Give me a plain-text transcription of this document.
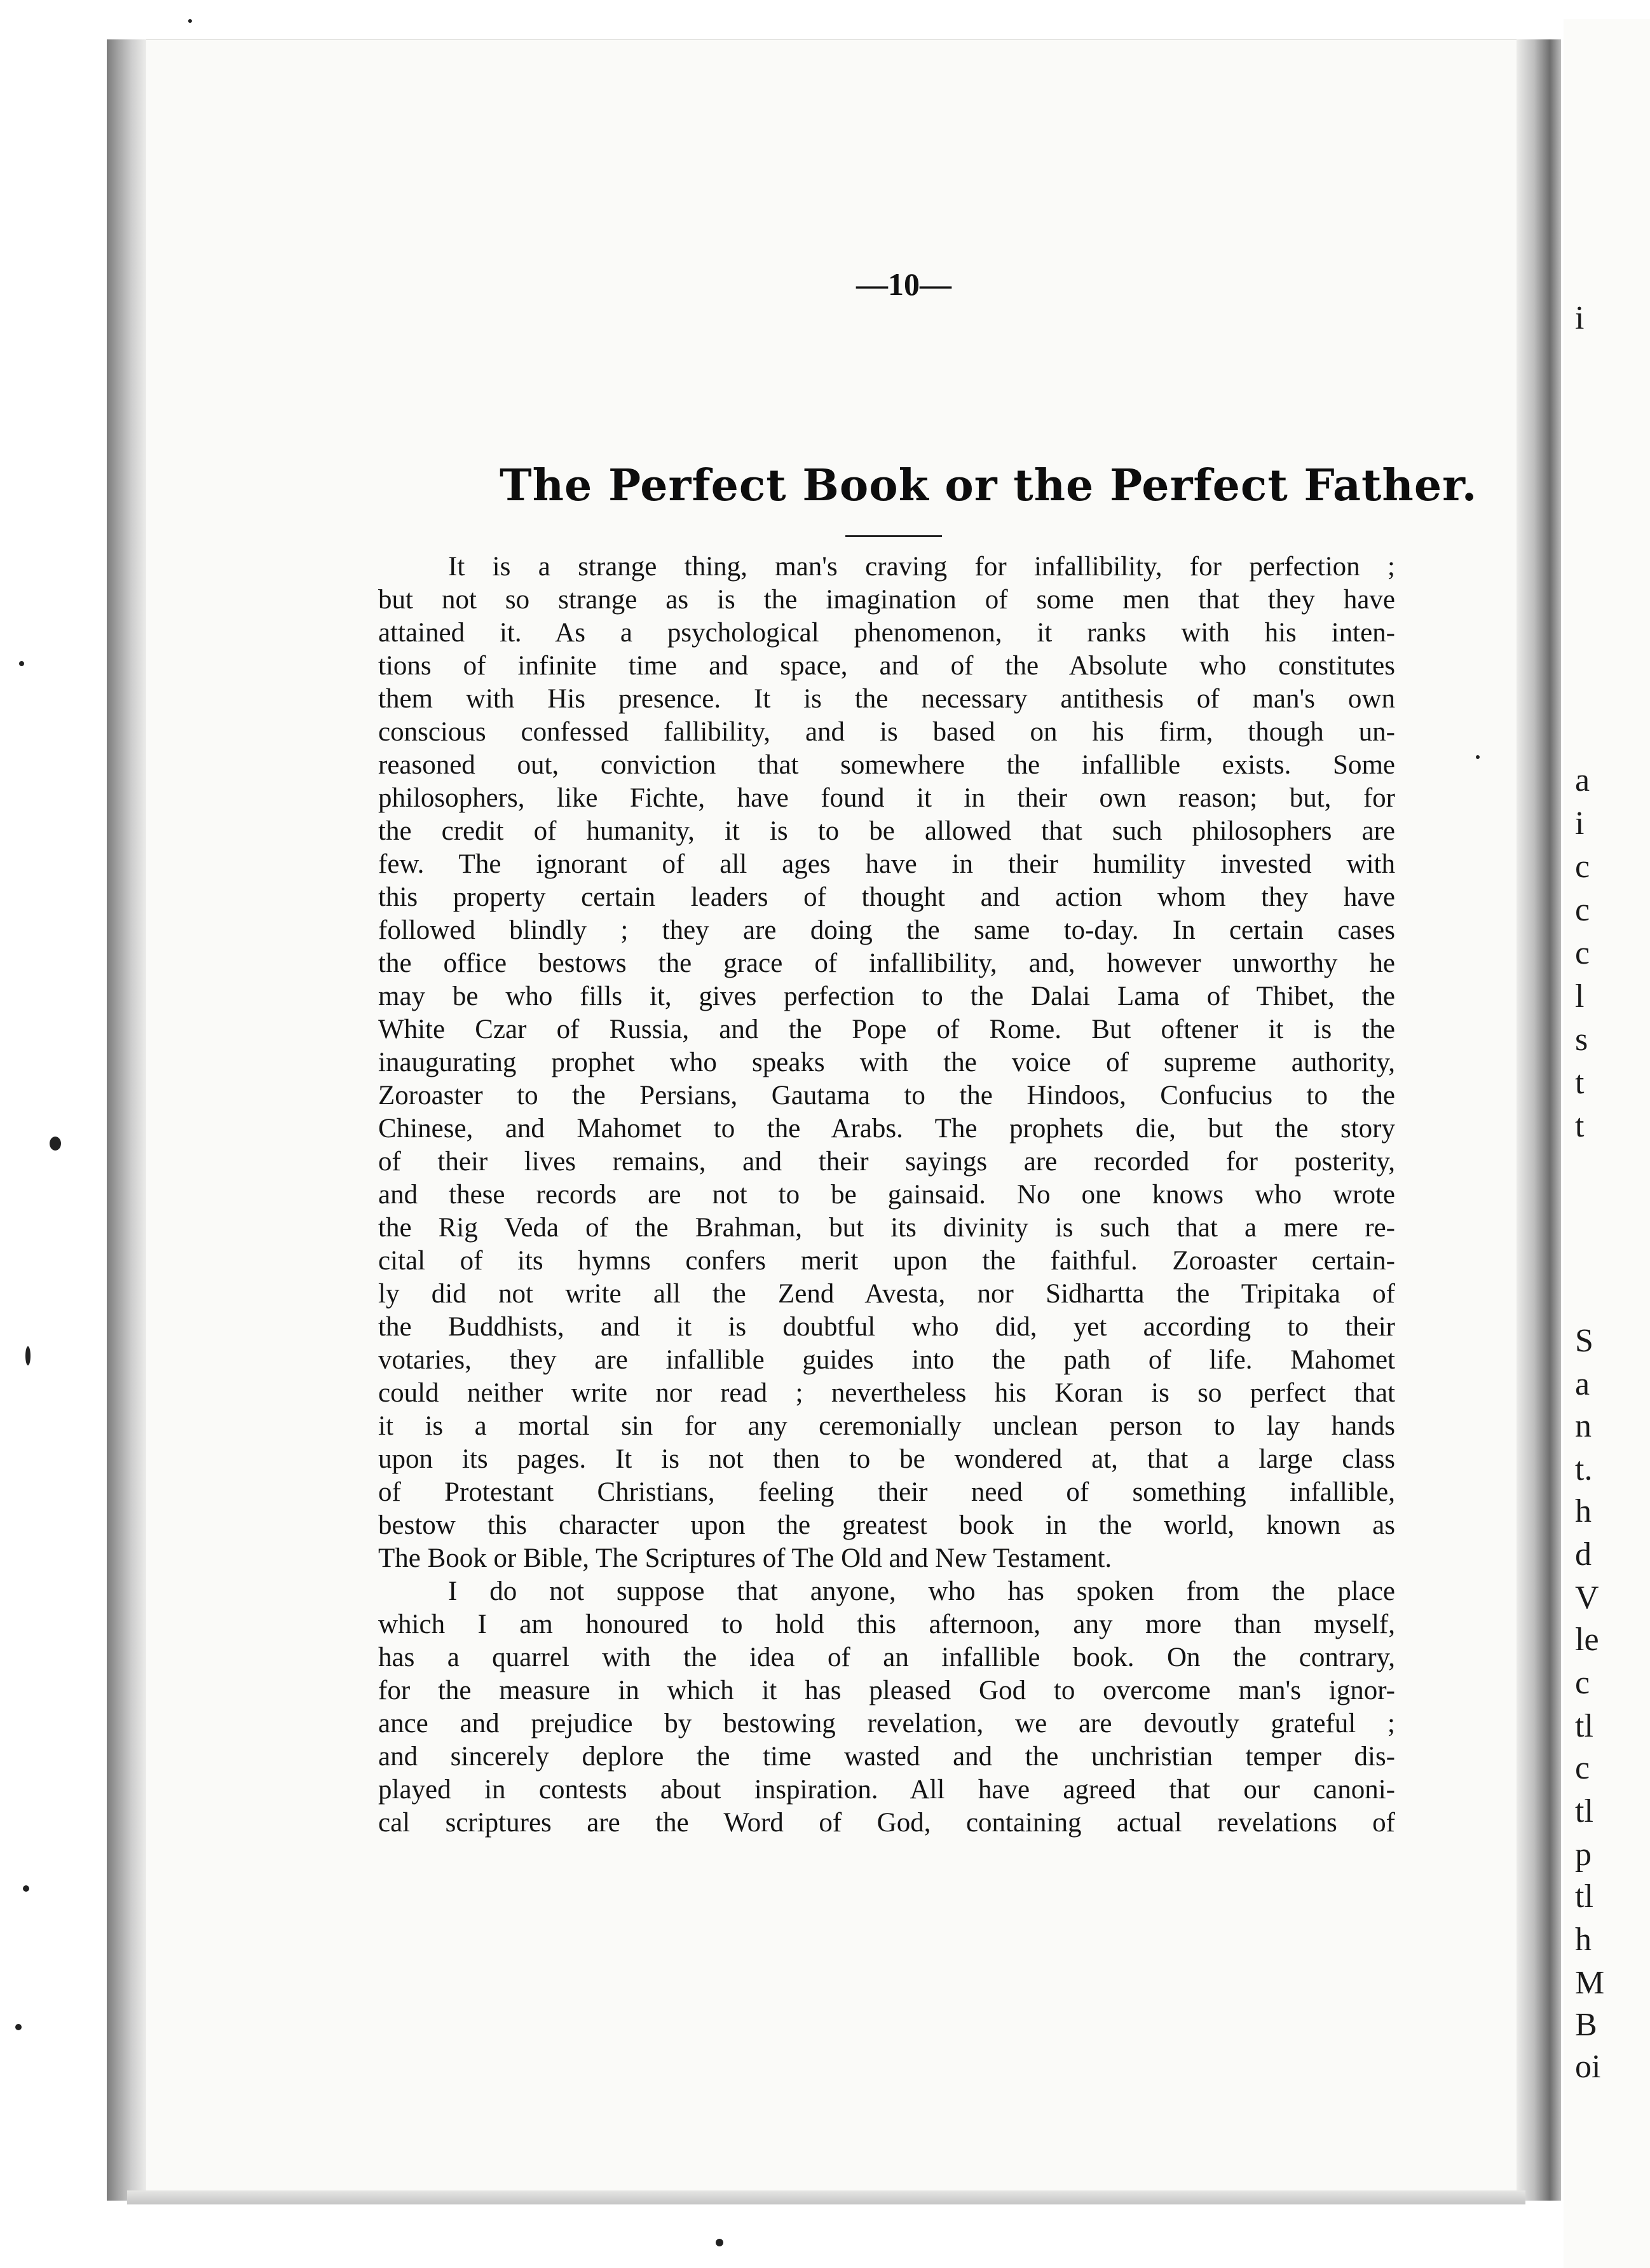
i
a
i
c
c
c
l
s
t
t
S
a
n
t.
h
d
V
le
c
tl
c
tl
p
tl
h
M
B
oi
—10—
The Perfect Book or the Perfect Father.
It is a strange thing, man's craving for infallibility, for perfection ;
but not so strange as is the imagination of some men that they have
attained it. As a psychological phenomenon, it ranks with his inten-
tions of infinite time and space, and of the Absolute who constitutes
them with His presence. It is the necessary antithesis of man's own
conscious confessed fallibility, and is based on his firm, though un-
reasoned out, conviction that somewhere the infallible exists. Some
philosophers, like Fichte, have found it in their own reason; but, for
the credit of humanity, it is to be allowed that such philosophers are
few. The ignorant of all ages have in their humility invested with
this property certain leaders of thought and action whom they have
followed blindly ; they are doing the same to-day. In certain cases
the office bestows the grace of infallibility, and, however unworthy he
may be who fills it, gives perfection to the Dalai Lama of Thibet, the
White Czar of Russia, and the Pope of Rome. But oftener it is the
inaugurating prophet who speaks with the voice of supreme authority,
Zoroaster to the Persians, Gautama to the Hindoos, Confucius to the
Chinese, and Mahomet to the Arabs. The prophets die, but the story
of their lives remains, and their sayings are recorded for posterity,
and these records are not to be gainsaid. No one knows who wrote
the Rig Veda of the Brahman, but its divinity is such that a mere re-
cital of its hymns confers merit upon the faithful. Zoroaster certain-
ly did not write all the Zend Avesta, nor Sidhartta the Tripitaka of
the Buddhists, and it is doubtful who did, yet according to their
votaries, they are infallible guides into the path of life. Mahomet
could neither write nor read ; nevertheless his Koran is so perfect that
it is a mortal sin for any ceremonially unclean person to lay hands
upon its pages. It is not then to be wondered at, that a large class
of Protestant Christians, feeling their need of something infallible,
bestow this character upon the greatest book in the world, known as
The Book or Bible, The Scriptures of The Old and New Testament.
I do not suppose that anyone, who has spoken from the place
which I am honoured to hold this afternoon, any more than myself,
has a quarrel with the idea of an infallible book. On the contrary,
for the measure in which it has pleased God to overcome man's ignor-
ance and prejudice by bestowing revelation, we are devoutly grateful ;
and sincerely deplore the time wasted and the unchristian temper dis-
played in contests about inspiration. All have agreed that our canoni-
cal scriptures are the Word of God, containing actual revelations of
